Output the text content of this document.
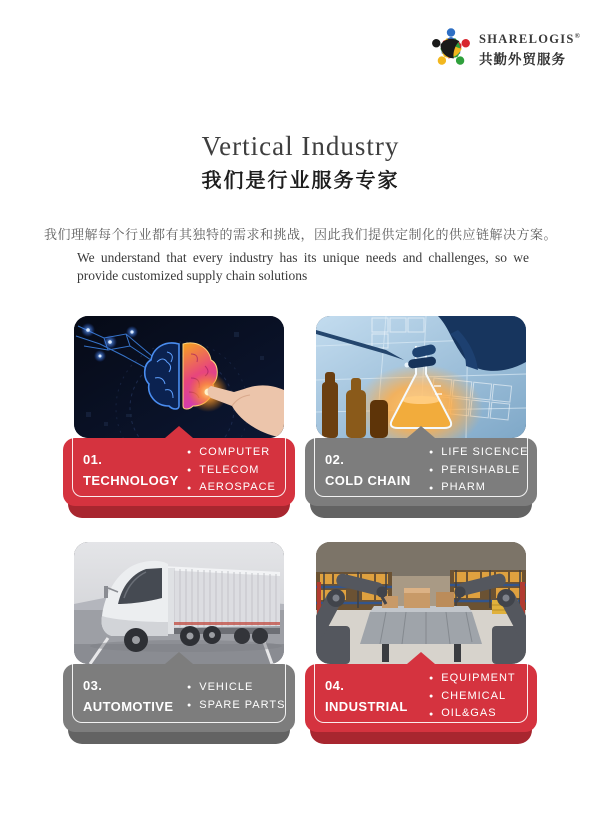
SHARELOGIS®
共勤外贸服务
Vertical Industry
我们是行业服务专家

我们理解每个行业都有其独特的需求和挑战，因此我们提供定制化的供应链解决方案。

We understand that every industry has its unique needs and challenges, so we provide customized supply chain solutions

01.
TECHNOLOGY
● COMPUTER
● TELECOM
● AEROSPACE
02.
COLD CHAIN
● LIFE SICENCE
● PERISHABLE
● PHARM
03.
AUTOMOTIVE
● VEHICLE
● SPARE PARTS
04.
INDUSTRIAL
● EQUIPMENT
● CHEMICAL
● OIL&GAS
